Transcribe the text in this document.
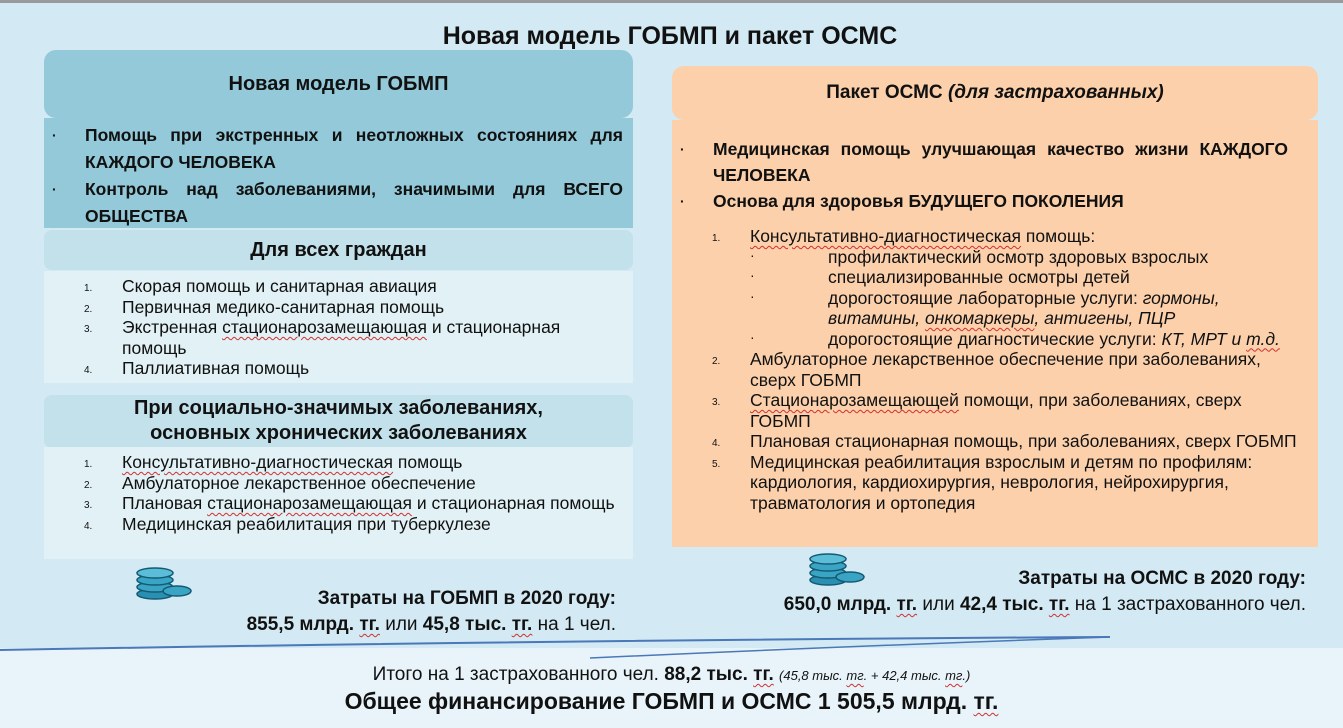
Новая модель ГОБМП и пакет ОСМС
Новая модель ГОБМП
· Помощь при экстренных и неотложных состояниях для КАЖДОГО ЧЕЛОВЕКА
· Контроль над заболеваниями, значимыми для ВСЕГО ОБЩЕСТВА
Для всех граждан
1. Скорая помощь и санитарная авиация
2. Первичная медико-санитарная помощь
3. Экстренная стационарозамещающая и стационарная помощь
4. Паллиативная помощь
При социально-значимых заболеваниях,
основных хронических заболеваниях
1. Консультативно-диагностическая помощь
2. Амбулаторное лекарственное обеспечение
3. Плановая стационарозамещающая и стационарная помощь
4. Медицинская реабилитация при туберкулезе
Затраты на ГОБМП в 2020 году:
855,5 млрд. тг. или 45,8 тыс. тг. на 1 чел.
Пакет ОСМС
(для застрахованных)
· Медицинская помощь улучшающая качество жизни КАЖДОГО ЧЕЛОВЕКА
· Основа для здоровья БУДУЩЕГО ПОКОЛЕНИЯ
1. Консультативно-диагностическая помощь:
·	профилактический осмотр здоровых взрослых
·	специализированные осмотры детей
·	дорогостоящие лабораторные услуги: гормоны, витамины, онкомаркеры, антигены, ПЦР
·	дорогостоящие диагностические услуги: КТ, МРТ и т.д.
2. Амбулаторное лекарственное обеспечение при заболеваниях, сверх ГОБМП
3. Стационарозамещающей помощи, при заболеваниях, сверх ГОБМП
4. Плановая стационарная помощь, при заболеваниях, сверх ГОБМП
5. Медицинская реабилитация взрослым и детям по профилям: кардиология, кардиохирургия, неврология, нейрохирургия, травматология и ортопедия
Затраты на ОСМС в 2020 году:
650,0 млрд. тг. или 42,4 тыс. тг. на 1 застрахованного чел.
Итого на 1 застрахованного чел. 88,2 тыс. тг. (45,8 тыс. тг. + 42,4 тыс. тг.)
Общее финансирование ГОБМП и ОСМС 1 505,5 млрд. тг.
